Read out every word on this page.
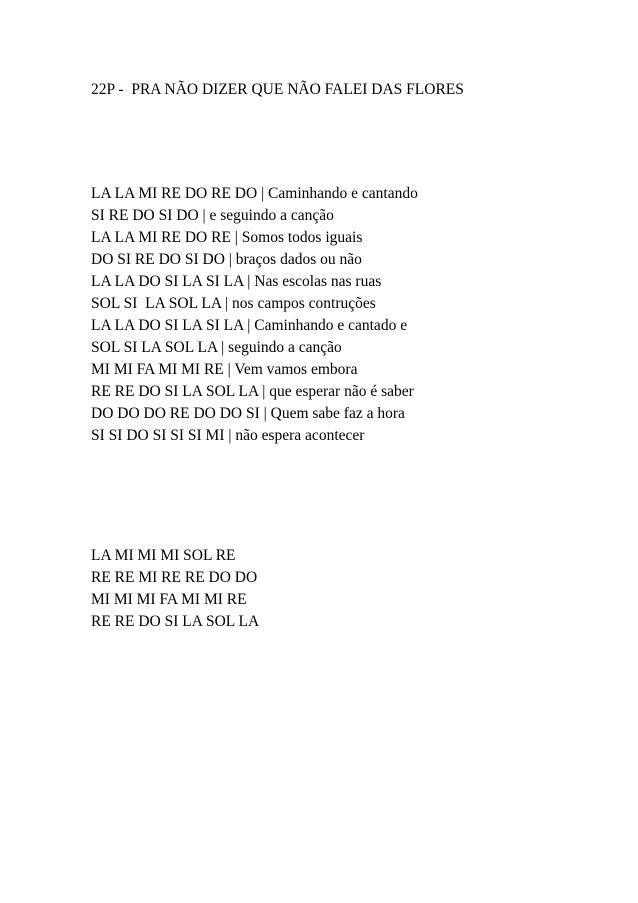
22P -  PRA NÃO DIZER QUE NÃO FALEI DAS FLORES
LA LA MI RE DO RE DO | Caminhando e cantando
SI RE DO SI DO | e seguindo a canção
LA LA MI RE DO RE | Somos todos iguais
DO SI RE DO SI DO | braços dados ou não
LA LA DO SI LA SI LA | Nas escolas nas ruas
SOL SI  LA SOL LA | nos campos contruções
LA LA DO SI LA SI LA | Caminhando e cantado e
SOL SI LA SOL LA | seguindo a canção
MI MI FA MI MI RE | Vem vamos embora
RE RE DO SI LA SOL LA | que esperar não é saber
DO DO DO RE DO DO SI | Quem sabe faz a hora
SI SI DO SI SI SI MI | não espera acontecer
LA MI MI MI SOL RE
RE RE MI RE RE DO DO
MI MI MI FA MI MI RE
RE RE DO SI LA SOL LA
